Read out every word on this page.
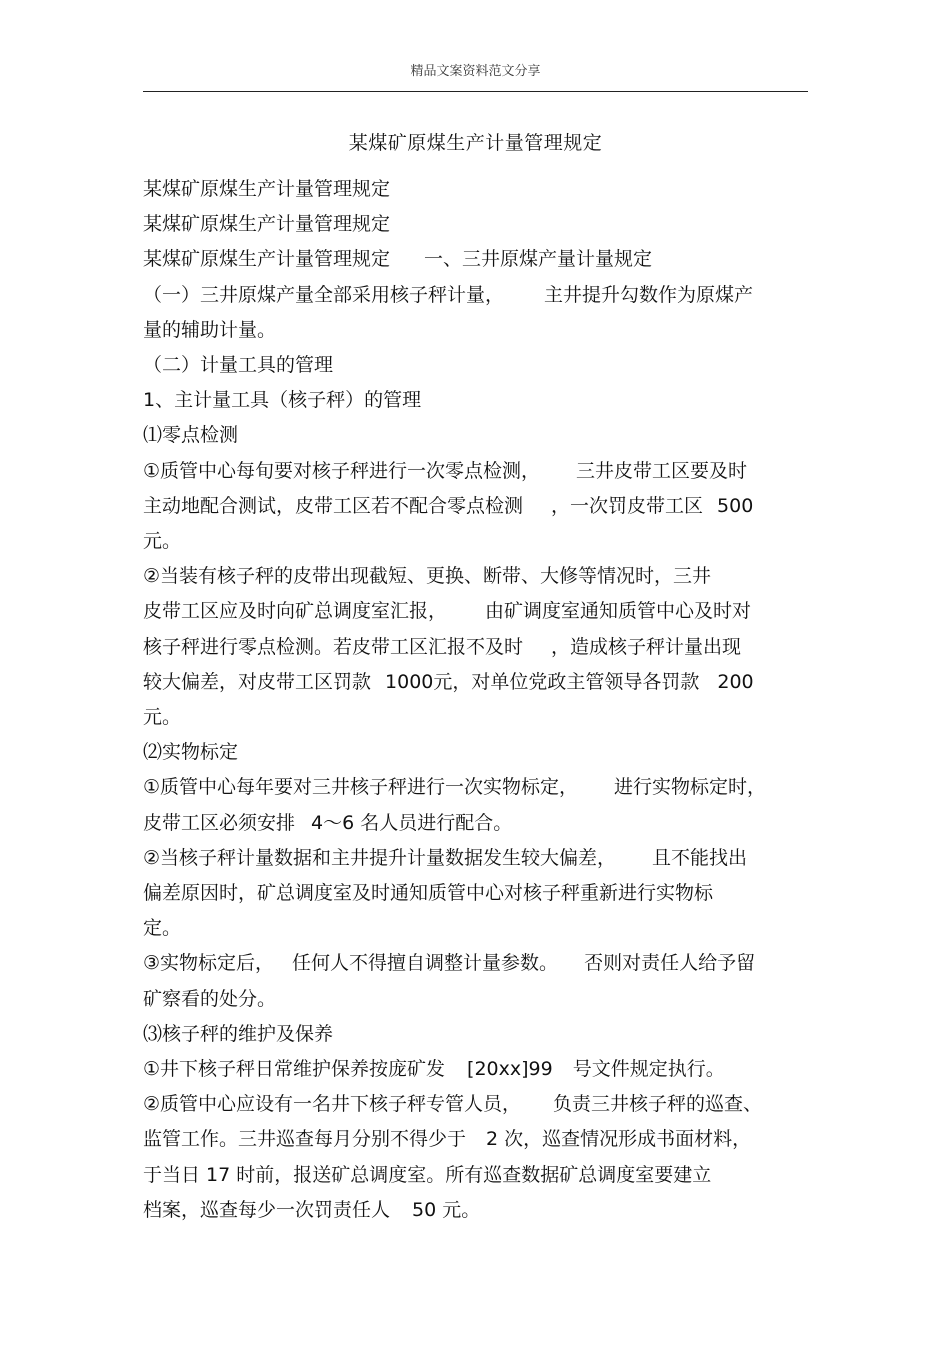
精品文案资料范文分享
某煤矿原煤生产计量管理规定
某煤矿原煤生产计量管理规定
某煤矿原煤生产计量管理规定
某煤矿原煤生产计量管理规定 一、三井原煤产量计量规定
（一）三井原煤产量全部采用核子秤计量， 主井提升勾数作为原煤产
量的辅助计量。
（二）计量工具的管理
1、主计量工具（核子秤）的管理
⑴零点检测
①质管中心每旬要对核子秤进行一次零点检测， 三井皮带工区要及时
主动地配合测试，皮带工区若不配合零点检测 ，一次罚皮带工区 500
元。
②当装有核子秤的皮带出现截短、更换、断带、大修等情况时，三井
皮带工区应及时向矿总调度室汇报， 由矿调度室通知质管中心及时对
核子秤进行零点检测。若皮带工区汇报不及时 ，造成核子秤计量出现
较大偏差，对皮带工区罚款 1000元，对单位党政主管领导各罚款 200
元。
⑵实物标定
①质管中心每年要对三井核子秤进行一次实物标定， 进行实物标定时，
皮带工区必须安排 4～6 名人员进行配合。
②当核子秤计量数据和主井提升计量数据发生较大偏差， 且不能找出
偏差原因时，矿总调度室及时通知质管中心对核子秤重新进行实物标
定。
③实物标定后， 任何人不得擅自调整计量参数。 否则对责任人给予留
矿察看的处分。
⑶核子秤的维护及保养
①井下核子秤日常维护保养按庞矿发 [20xx]99 号文件规定执行。
②质管中心应设有一名井下核子秤专管人员， 负责三井核子秤的巡查、
监管工作。三井巡查每月分别不得少于 2 次，巡查情况形成书面材料，
于当日 17 时前，报送矿总调度室。所有巡查数据矿总调度室要建立
档案，巡查每少一次罚责任人 50 元。
